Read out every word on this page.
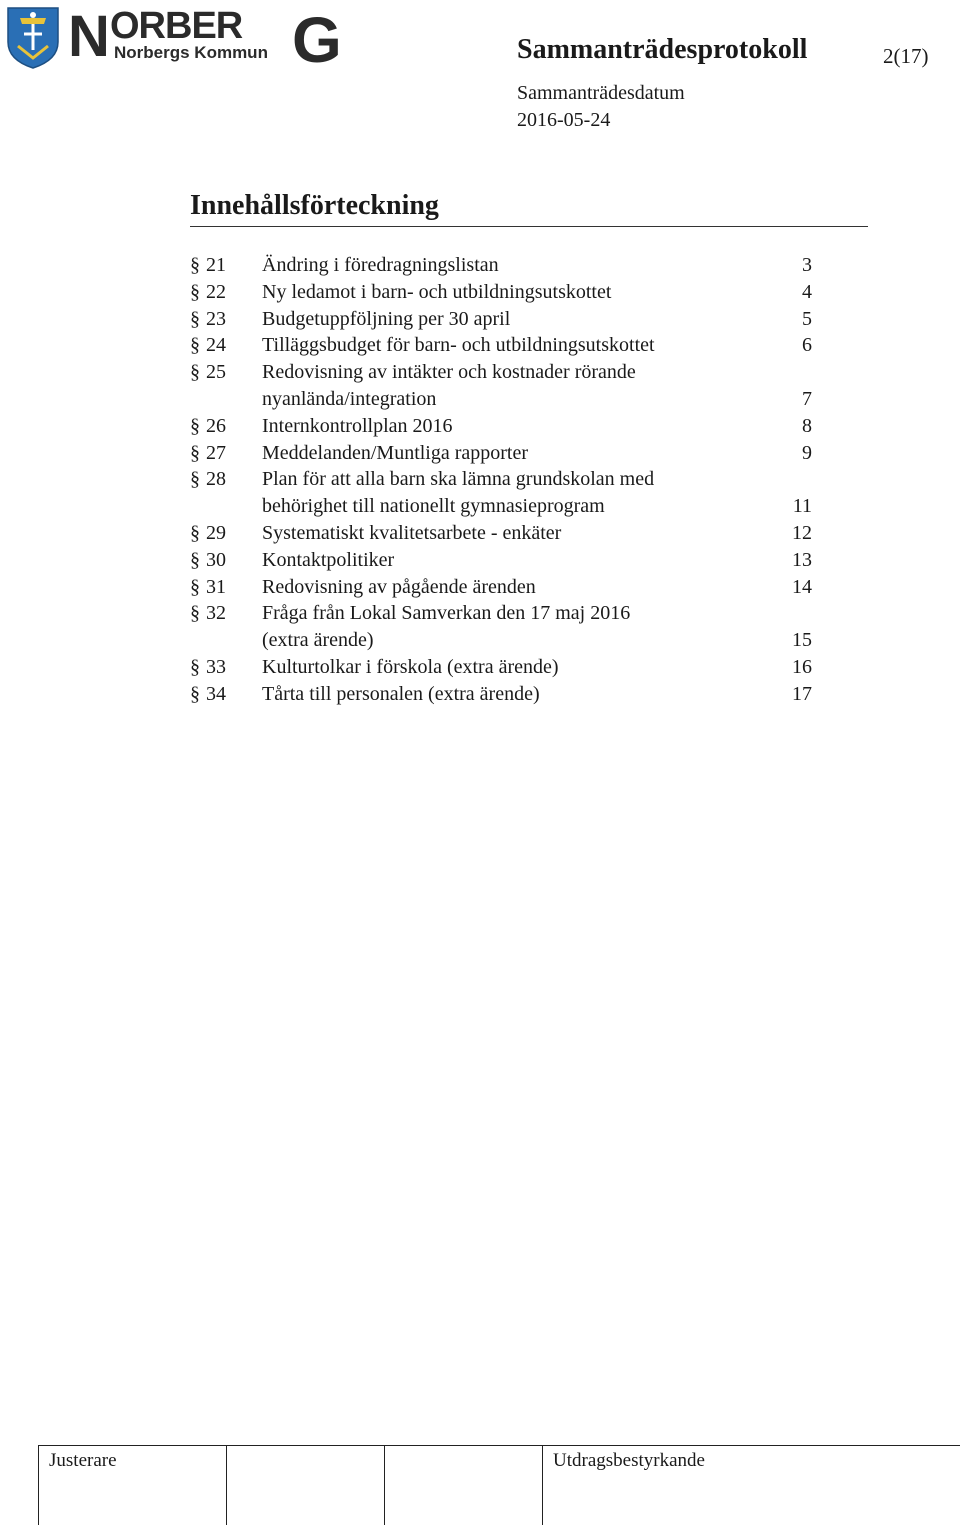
N ORBER G
Norbergs Kommun	Sammanträdesprotokoll	2(17)
Sammanträdesdatum
2016-05-24
Innehållsförteckning
§ 21 Ändring i föredragningslistan	3
§ 22 Ny ledamot i barn- och utbildningsutskottet	4
§ 23 Budgetuppföljning per 30 april	5
§ 24 Tilläggsbudget för barn- och utbildningsutskottet	6
§ 25 Redovisning av intäkter och kostnader rörande
nyanlända/integration	7
§ 26 Internkontrollplan 2016	8
§ 27 Meddelanden/Muntliga rapporter	9
§ 28 Plan för att alla barn ska lämna grundskolan med
behörighet till nationellt gymnasieprogram	11
§ 29 Systematiskt kvalitetsarbete - enkäter	12
§ 30 Kontaktpolitiker	13
§ 31 Redovisning av pågående ärenden	14
§ 32 Fråga från Lokal Samverkan den 17 maj 2016
(extra ärende)	15
§ 33 Kulturtolkar i förskola (extra ärende)	16
§ 34 Tårta till personalen (extra ärende)	17
Justerare	Utdragsbestyrkande
